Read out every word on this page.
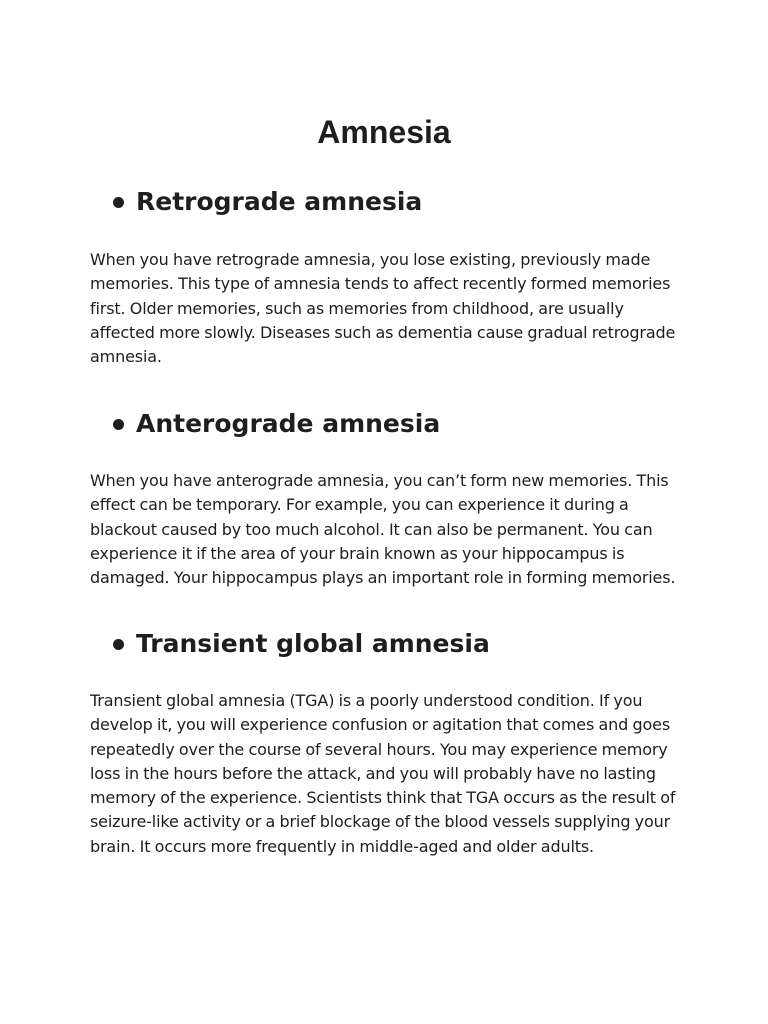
Amnesia
Retrograde amnesia

When you have retrograde amnesia, you lose existing, previously made memories. This type of amnesia tends to affect recently formed memories first. Older memories, such as memories from childhood, are usually affected more slowly. Diseases such as dementia cause gradual retrograde amnesia.

Anterograde amnesia

When you have anterograde amnesia, you can’t form new memories. This effect can be temporary. For example, you can experience it during a blackout caused by too much alcohol. It can also be permanent. You can experience it if the area of your brain known as your hippocampus is damaged. Your hippocampus plays an important role in forming memories.

Transient global amnesia

Transient global amnesia (TGA) is a poorly understood condition. If you develop it, you will experience confusion or agitation that comes and goes repeatedly over the course of several hours. You may experience memory loss in the hours before the attack, and you will probably have no lasting memory of the experience. Scientists think that TGA occurs as the result of seizure-like activity or a brief blockage of the blood vessels supplying your brain. It occurs more frequently in middle-aged and older adults.
